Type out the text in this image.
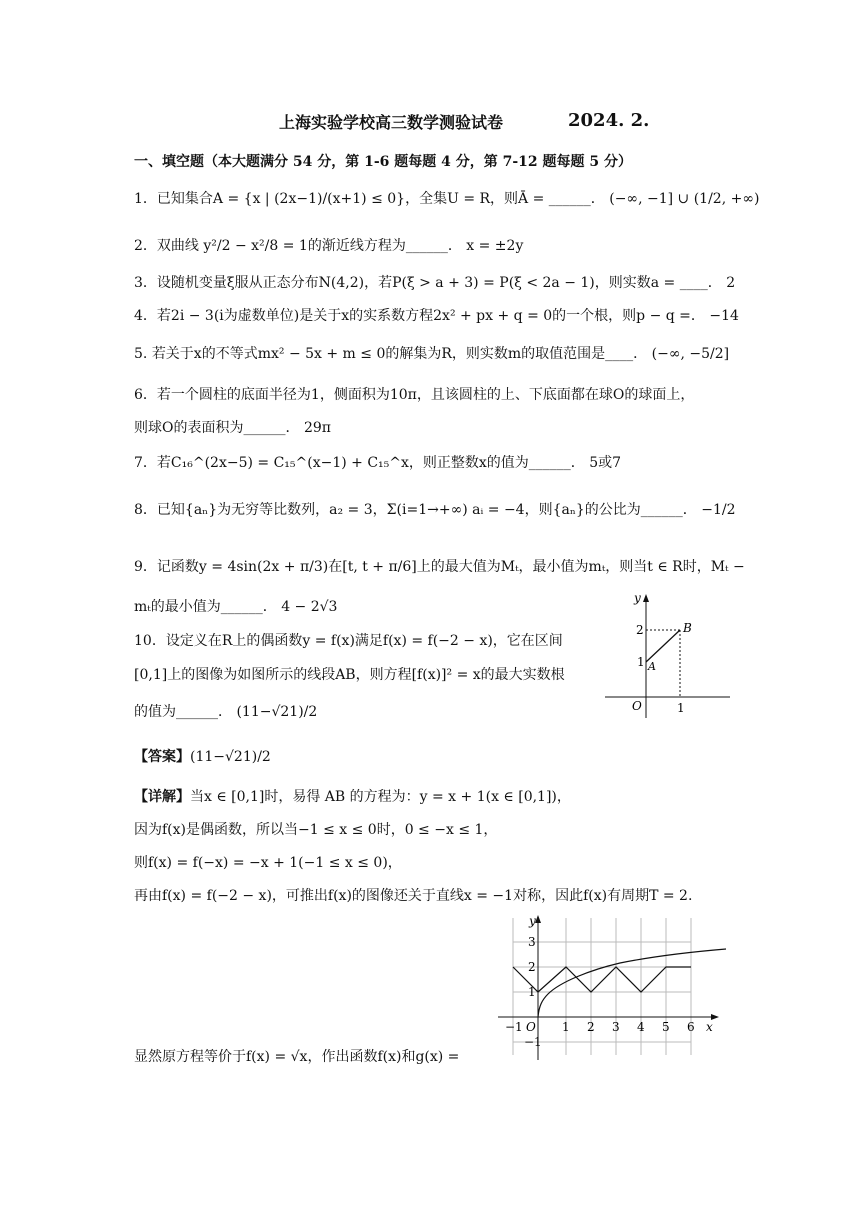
上海实验学校高三数学测验试卷	2024. 2.
一、填空题（本大题满分 54 分，第 1-6 题每题 4 分，第 7-12 题每题 5 分）
1．已知集合A = {x | (2x−1)/(x+1) ≤ 0}，全集U = R，则Ā = ______． (−∞, −1] ∪ (1/2, +∞)
2．双曲线 y²/2 − x²/8 = 1的渐近线方程为______． x = ±2y
3．设随机变量ξ服从正态分布N(4,2)，若P(ξ > a + 3) = P(ξ < 2a − 1)，则实数a = ____． 2
4．若2i − 3(i为虚数单位)是关于x的实系数方程2x² + px + q = 0的一个根，则p − q =． −14
5. 若关于x的不等式mx² − 5x + m ≤ 0的解集为R，则实数m的取值范围是____． (−∞, −5/2]
6．若一个圆柱的底面半径为1，侧面积为10π，且该圆柱的上、下底面都在球O的球面上，
则球O的表面积为______． 29π
7．若C₁₆^(2x−5) = C₁₅^(x−1) + C₁₅^x，则正整数x的值为______． 5或7
8．已知{aₙ}为无穷等比数列，a₂ = 3，Σ(i=1→+∞) aᵢ = −4，则{aₙ}的公比为______． −1/2
9．记函数y = 4sin(2x + π/3)在[t, t + π/6]上的最大值为Mₜ，最小值为mₜ，则当t ∈ R时，Mₜ −
mₜ的最小值为______． 4 − 2√3
10．设定义在R上的偶函数y = f(x)满足f(x) = f(−2 − x)，它在区间
[0,1]上的图像为如图所示的线段AB，则方程[f(x)]² = x的最大实数根
的值为______． (11−√21)/2
y
2
1 A
B
O	1
【答案】(11−√21)/2
【详解】当x ∈ [0,1]时，易得 AB 的方程为：y = x + 1(x ∈ [0,1])，
因为f(x)是偶函数，所以当−1 ≤ x ≤ 0时，0 ≤ −x ≤ 1，
则f(x) = f(−x) = −x + 1(−1 ≤ x ≤ 0)，
再由f(x) = f(−2 − x)，可推出f(x)的图像还关于直线x = −1对称，因此f(x)有周期T = 2.
显然原方程等价于f(x) = √x，作出函数f(x)和g(x) =
y
x
O
3
2
1
−1
−1	1 2 3 4 5 6
